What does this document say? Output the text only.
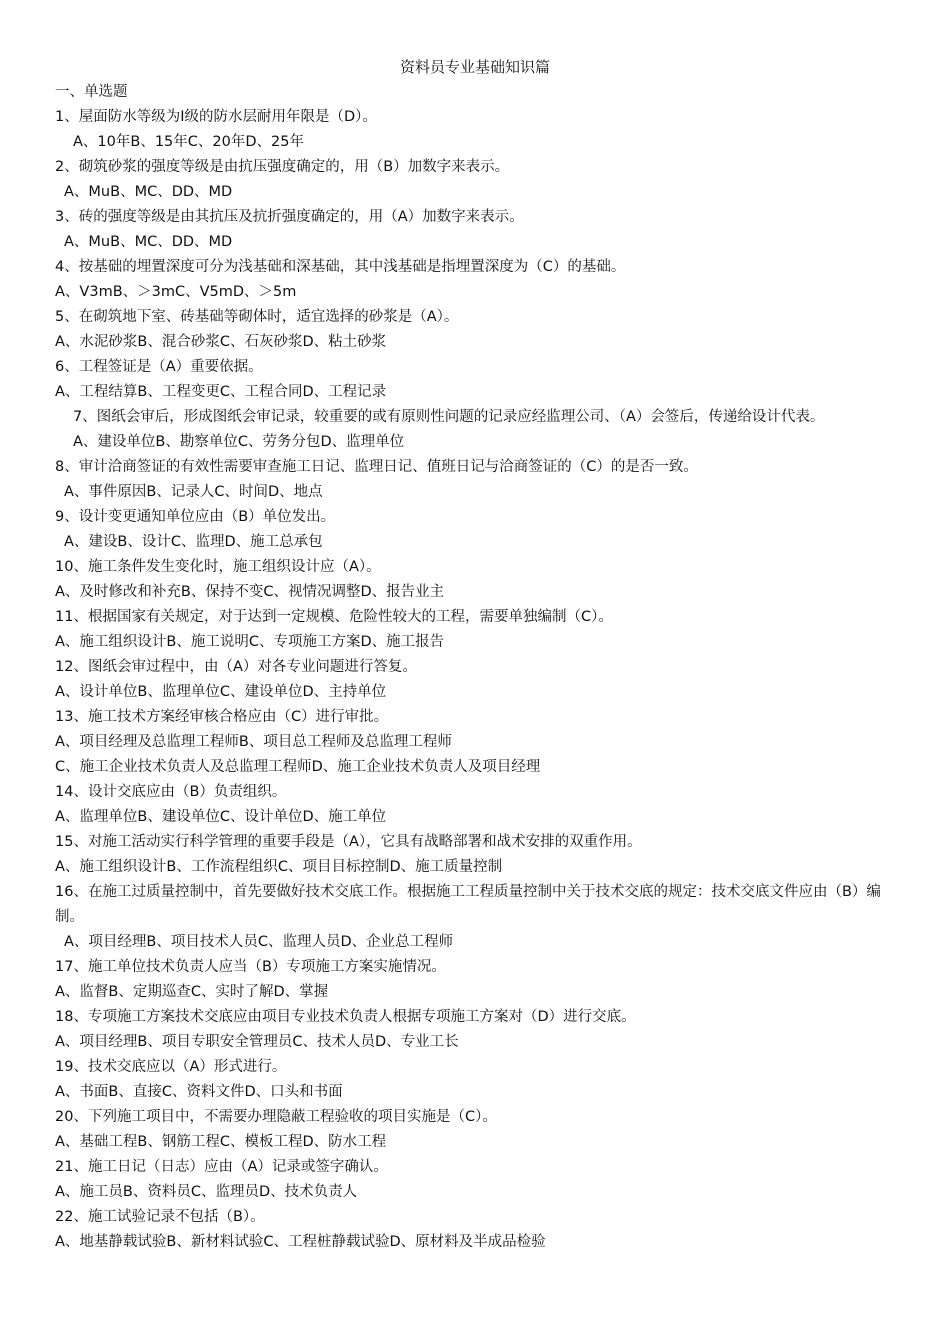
资料员专业基础知识篇
一、单选题
1、屋面防水等级为Ⅰ级的防水层耐用年限是（D）。
A、10年B、15年C、20年D、25年
2、砌筑砂浆的强度等级是由抗压强度确定的，用（B）加数字来表示。
A、MuB、MC、DD、MD
3、砖的强度等级是由其抗压及抗折强度确定的，用（A）加数字来表示。
A、MuB、MC、DD、MD
4、按基础的埋置深度可分为浅基础和深基础，其中浅基础是指埋置深度为（C）的基础。
A、V3mB、＞3mC、V5mD、＞5m
5、在砌筑地下室、砖基础等砌体时，适宜选择的砂浆是（A）。
A、水泥砂浆B、混合砂浆C、石灰砂浆D、粘土砂浆
6、工程签证是（A）重要依据。
A、工程结算B、工程变更C、工程合同D、工程记录
7、图纸会审后，形成图纸会审记录，较重要的或有原则性问题的记录应经监理公司、（A）会签后，传递给设计代表。
A、建设单位B、勘察单位C、劳务分包D、监理单位
8、审计洽商签证的有效性需要审查施工日记、监理日记、值班日记与洽商签证的（C）的是否一致。
A、事件原因B、记录人C、时间D、地点
9、设计变更通知单位应由（B）单位发出。
A、建设B、设计C、监理D、施工总承包
10、施工条件发生变化时，施工组织设计应（A）。
A、及时修改和补充B、保持不变C、视情况调整D、报告业主
11、根据国家有关规定，对于达到一定规模、危险性较大的工程，需要单独编制（C）。
A、施工组织设计B、施工说明C、专项施工方案D、施工报告
12、图纸会审过程中，由（A）对各专业问题进行答复。
A、设计单位B、监理单位C、建设单位D、主持单位
13、施工技术方案经审核合格应由（C）进行审批。
A、项目经理及总监理工程师B、项目总工程师及总监理工程师
C、施工企业技术负责人及总监理工程师D、施工企业技术负责人及项目经理
14、设计交底应由（B）负责组织。
A、监理单位B、建设单位C、设计单位D、施工单位
15、对施工活动实行科学管理的重要手段是（A），它具有战略部署和战术安排的双重作用。
A、施工组织设计B、工作流程组织C、项目目标控制D、施工质量控制
16、在施工过质量控制中，首先要做好技术交底工作。根据施工工程质量控制中关于技术交底的规定：技术交底文件应由（B）编制。
A、项目经理B、项目技术人员C、监理人员D、企业总工程师
17、施工单位技术负责人应当（B）专项施工方案实施情况。
A、监督B、定期巡查C、实时了解D、掌握
18、专项施工方案技术交底应由项目专业技术负责人根据专项施工方案对（D）进行交底。
A、项目经理B、项目专职安全管理员C、技术人员D、专业工长
19、技术交底应以（A）形式进行。
A、书面B、直接C、资料文件D、口头和书面
20、下列施工项目中，不需要办理隐蔽工程验收的项目实施是（C）。
A、基础工程B、钢筋工程C、模板工程D、防水工程
21、施工日记（日志）应由（A）记录或签字确认。
A、施工员B、资料员C、监理员D、技术负责人
22、施工试验记录不包括（B）。
A、地基静载试验B、新材料试验C、工程桩静载试验D、原材料及半成品检验
